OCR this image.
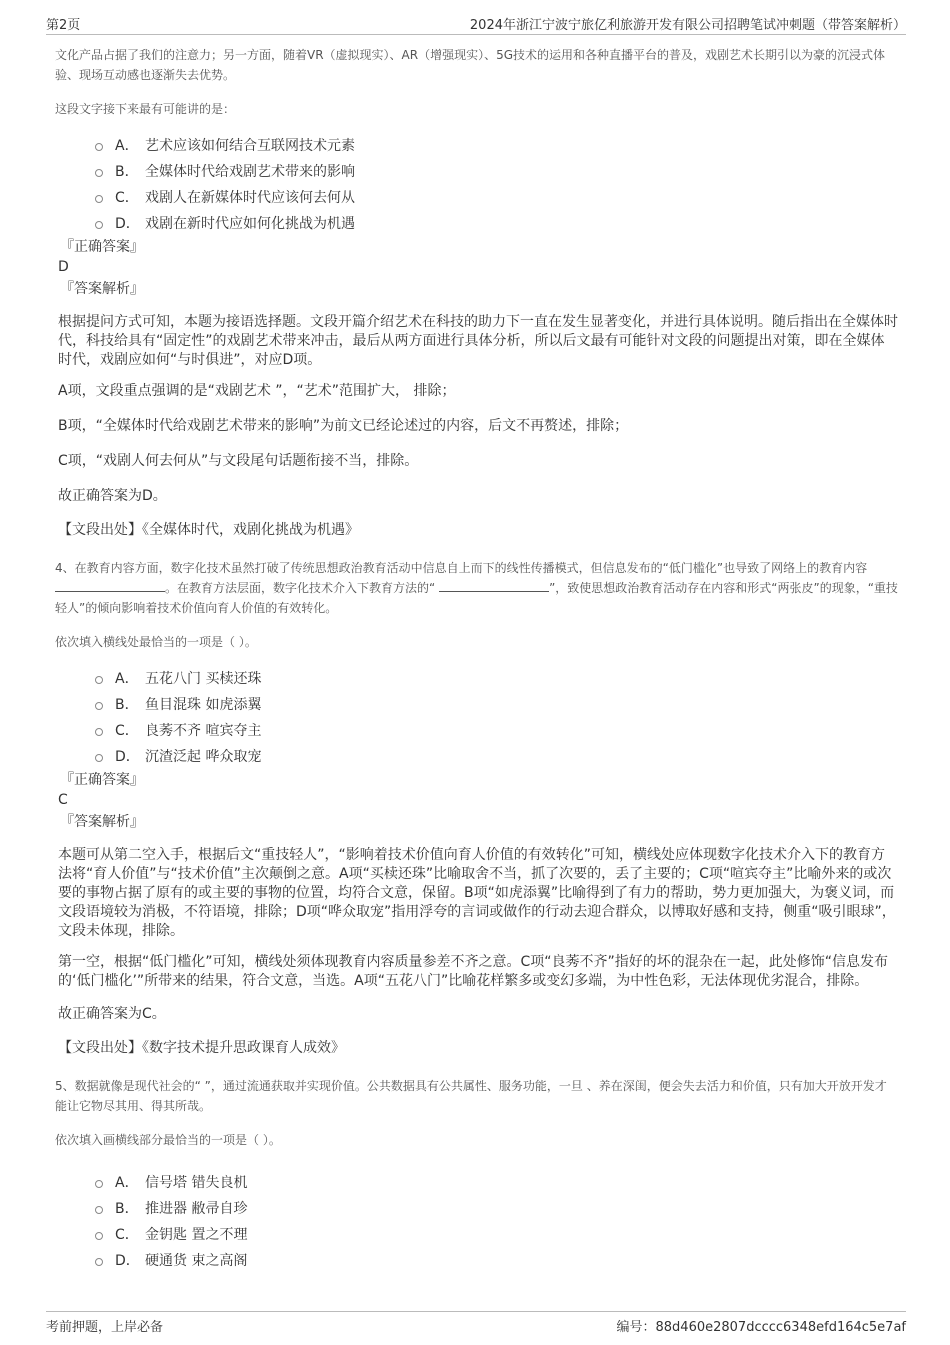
第2页	2024年浙江宁波宁旅亿利旅游开发有限公司招聘笔试冲刺题（带答案解析）

文化产品占据了我们的注意力；另一方面，随着VR（虚拟现实）、AR（增强现实）、5G技术的运用和各种直播平台的普及，戏剧艺术长期引以为豪的沉浸式体验、现场互动感也逐渐失去优势。

这段文字接下来最有可能讲的是：

A． 艺术应该如何结合互联网技术元素
B． 全媒体时代给戏剧艺术带来的影响
C． 戏剧人在新媒体时代应该何去何从
D． 戏剧在新时代应如何化挑战为机遇

『正确答案』

D

『答案解析』

根据提问方式可知，本题为接语选择题。文段开篇介绍艺术在科技的助力下一直在发生显著变化，并进行具体说明。随后指出在全媒体时代，科技给具有“固定性”的戏剧艺术带来冲击，最后从两方面进行具体分析，所以后文最有可能针对文段的问题提出对策，即在全媒体时代，戏剧应如何“与时俱进”，对应D项。

A项，文段重点强调的是“戏剧艺术 ”，“艺术”范围扩大， 排除；

B项，“全媒体时代给戏剧艺术带来的影响”为前文已经论述过的内容，后文不再赘述，排除；

C项，“戏剧人何去何从”与文段尾句话题衔接不当，排除。

故正确答案为D。

【文段出处】《全媒体时代，戏剧化挑战为机遇》

4、在教育内容方面，数字化技术虽然打破了传统思想政治教育活动中信息自上而下的线性传播模式，但信息发布的“低门槛化”也导致了网络上的教育内容 。在教育方法层面，数字化技术介入下教育方法的“	”，致使思想政治教育活动存在内容和形式“两张皮”的现象，“重技轻人”的倾向影响着技术价值向育人价值的有效转化。

依次填入横线处最恰当的一项是（ ）。

A． 五花八门 买椟还珠
B． 鱼目混珠 如虎添翼
C． 良莠不齐 喧宾夺主
D． 沉渣泛起 哗众取宠

『正确答案』

C

『答案解析』

本题可从第二空入手，根据后文“重技轻人”，“影响着技术价值向育人价值的有效转化”可知，横线处应体现数字化技术介入下的教育方法将“育人价值”与“技术价值”主次颠倒之意。A项“买椟还珠”比喻取舍不当，抓了次要的，丢了主要的；C项“喧宾夺主”比喻外来的或次要的事物占据了原有的或主要的事物的位置，均符合文意，保留。B项“如虎添翼”比喻得到了有力的帮助，势力更加强大，为褒义词，而文段语境较为消极，不符语境，排除；D项“哗众取宠”指用浮夸的言词或做作的行动去迎合群众，以博取好感和支持，侧重“吸引眼球”，文段未体现，排除。

第一空，根据“低门槛化”可知，横线处须体现教育内容质量参差不齐之意。C项“良莠不齐”指好的坏的混杂在一起，此处修饰“信息发布的‘低门槛化’”所带来的结果，符合文意，当选。A项“五花八门”比喻花样繁多或变幻多端，为中性色彩，无法体现优劣混合，排除。

故正确答案为C。

【文段出处】《数字技术提升思政课育人成效》

5、数据就像是现代社会的“ ”，通过流通获取并实现价值。公共数据具有公共属性、服务功能，一旦 、养在深闺，便会失去活力和价值，只有加大开放开发才能让它物尽其用、得其所哉。

依次填入画横线部分最恰当的一项是（ ）。

A． 信号塔 错失良机
B． 推进器 敝帚自珍
C． 金钥匙 置之不理
D． 硬通货 束之高阁
考前押题，上岸必备	编号：88d460e2807dcccc6348efd164c5e7af
